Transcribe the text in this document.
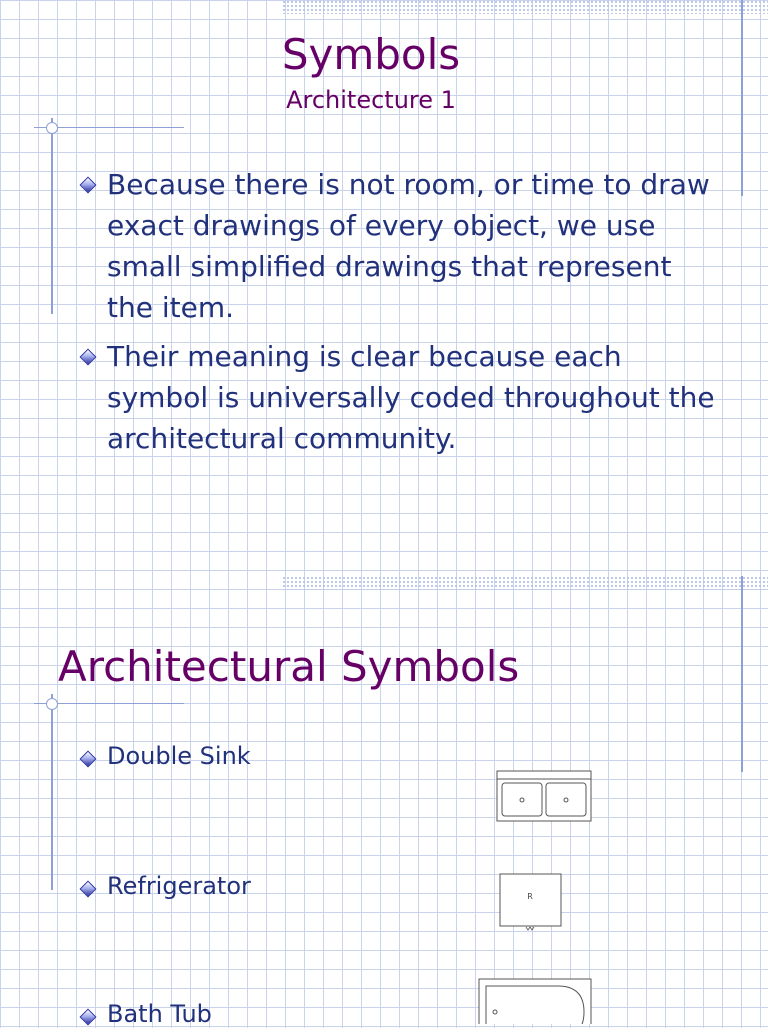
Symbols
Architecture 1
Because there is not room, or time to draw exact drawings of every object, we use small simplified drawings that represent the item.
Their meaning is clear because each symbol is universally coded throughout the architectural community.
Architectural Symbols
Double Sink
Refrigerator
Bath Tub
R
